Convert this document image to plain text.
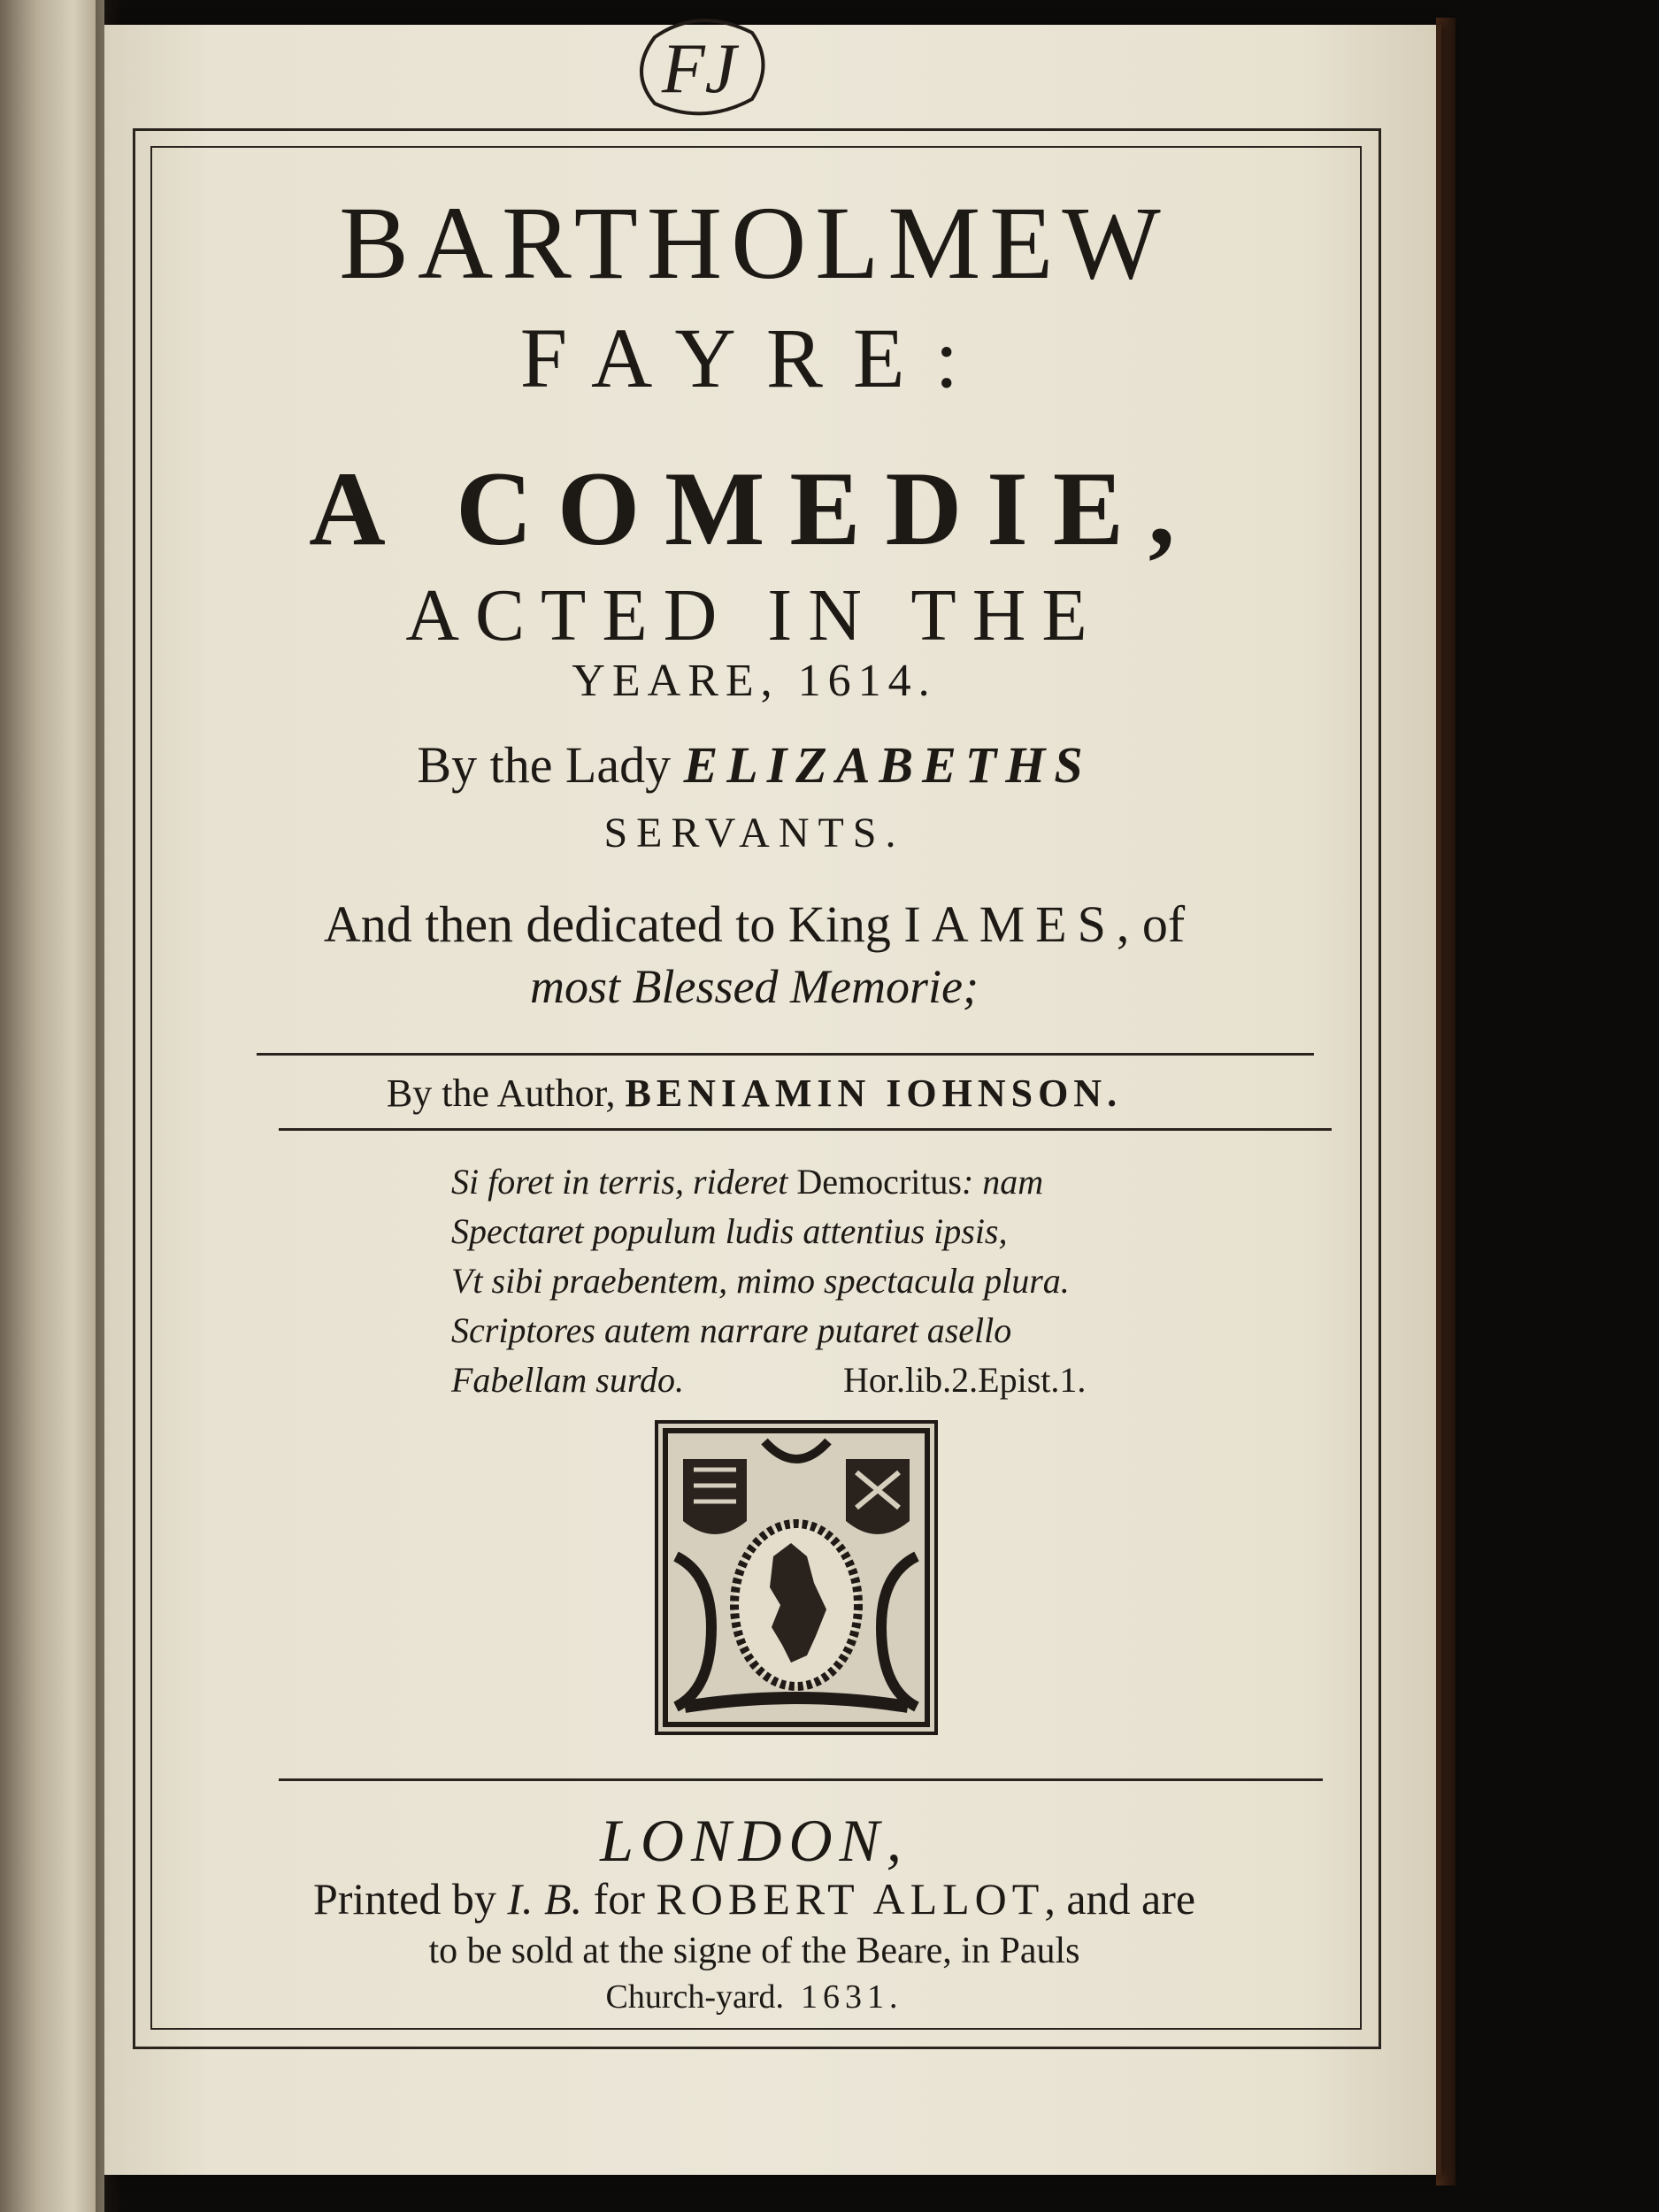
FJ
BARTHOLMEW
FAYRE:
A COMEDIE,
ACTED IN THE
YEARE, 1614.
By the Lady ELIZABETHS
SERVANTS.
And then dedicated to King IAMES, of
most Blessed Memorie;
By the Author, BENIAMIN IOHNSON.
Si foret in terris, rideret Democritus: nam
Spectaret populum ludis attentius ipsis,
Vt sibi praebentem, mimo spectacula plura.
Scriptores autem narrare putaret asello
Fabellam surdo.	Hor.lib.2.Epist.1.
LONDON,
Printed by I. B. for ROBERT ALLOT, and are
to be sold at the signe of the Beare, in Pauls
Church-yard. 1631.
